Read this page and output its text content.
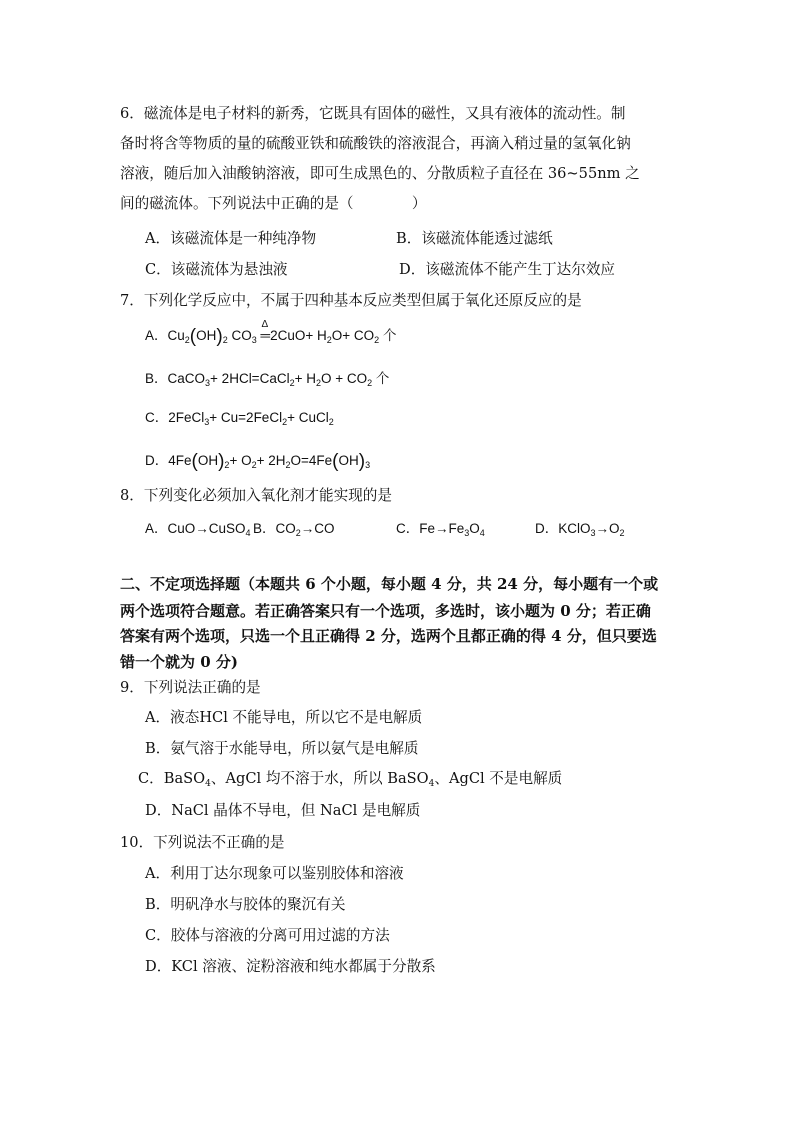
6．磁流体是电子材料的新秀，它既具有固体的磁性，又具有液体的流动性。制
备时将含等物质的量的硫酸亚铁和硫酸铁的溶液混合，再滴入稍过量的氢氧化钠
溶液，随后加入油酸钠溶液，即可生成黑色的、分散质粒子直径在 36~55nm 之
间的磁流体。下列说法中正确的是（　　　　）
A．该磁流体是一种纯净物	B．该磁流体能透过滤纸
C．该磁流体为悬浊液	D．该磁流体不能产生丁达尔效应
7．下列化学反应中，不属于四种基本反应类型但属于氧化还原反应的是
A．$Cu_2(OH)_2$ $CO_3$
Δ
═2CuO+ $H_2O+ CO_2$ 个
B．CaCO$_3$+ 2HCl=CaCl$_2$+ $H_2O + CO_2$ 个
C．2FeCl$_3$+ Cu=2FeCl$_2$+ CuCl$_2$
D．$4Fe(OH)_2+ O_2+ 2H_2O=4Fe(OH)_3$
8．下列变化必须加入氧化剂才能实现的是
A．CuO→CuSO$_4$ B．$CO_2\to CO$	C．$Fe\to Fe_3O_4$	D．$KClO_3\to O_2$
二、不定项选择题（本题共 6 个小题，每小题 4 分，共 24 分，每小题有一个或
两个选项符合题意。若正确答案只有一个选项，多选时，该小题为 0 分；若正确
答案有两个选项，只选一个且正确得 2 分，选两个且都正确的得 4 分，但只要选
错一个就为 0 分)
9．下列说法正确的是
A．液态HCl 不能导电，所以它不是电解质
B．氨气溶于水能导电，所以氨气是电解质
C．BaSO$_4$、AgCl 均不溶于水，所以 BaSO$_4$、AgCl 不是电解质
D．NaCl 晶体不导电，但 NaCl 是电解质
10．下列说法不正确的是
A．利用丁达尔现象可以鉴别胶体和溶液
B．明矾净水与胶体的聚沉有关
C．胶体与溶液的分离可用过滤的方法
D．KCl 溶液、淀粉溶液和纯水都属于分散系
